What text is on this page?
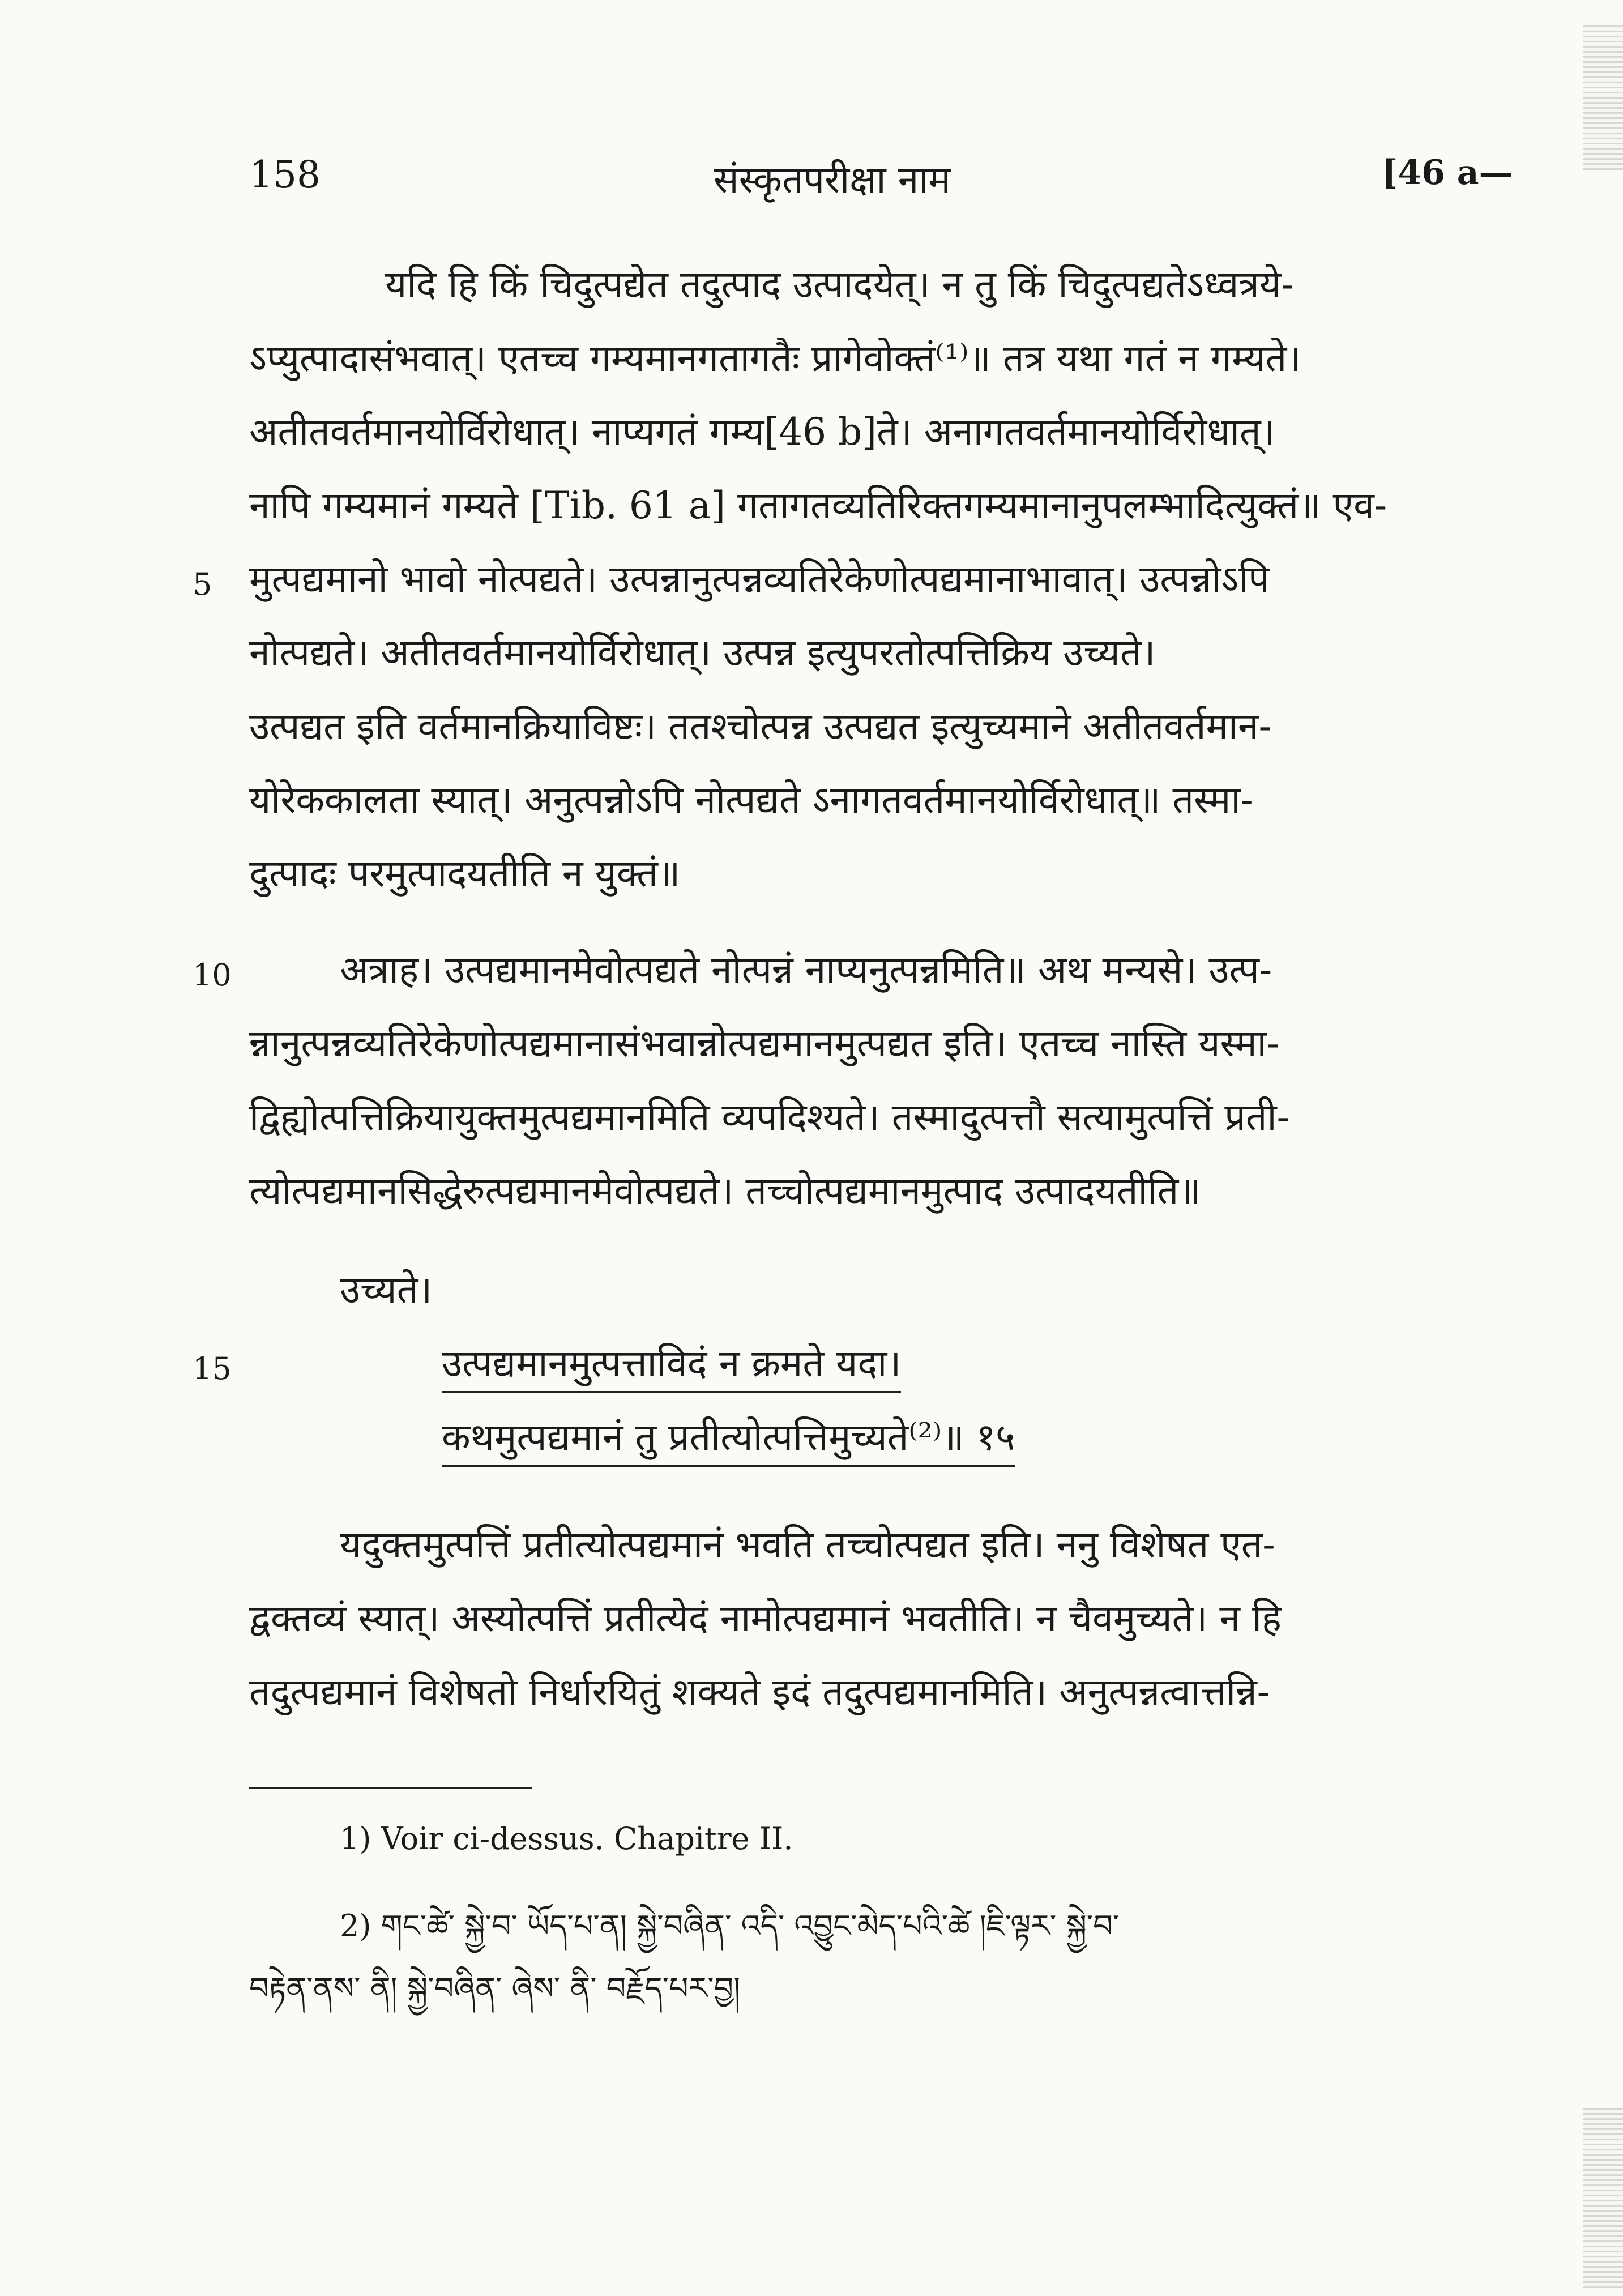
158	संस्कृतपरीक्षा नाम	[46 a—
यदि हि किं चिदुत्पद्येत तदुत्पाद उत्पादयेत्। न तु किं चिदुत्पद्यतेऽध्वत्रये-
ऽप्युत्पादासंभवात्। एतच्च गम्यमानगतागतैः प्रागेवोक्तं⁽¹⁾॥ तत्र यथा गतं न गम्यते।
अतीतवर्तमानयोर्विरोधात्। नाप्यगतं गम्य[46 b]ते। अनागतवर्तमानयोर्विरोधात्।
नापि गम्यमानं गम्यते [Tib. 61 a] गतागतव्यतिरिक्तगम्यमानानुपलम्भादित्युक्तं॥ एव-
मुत्पद्यमानो भावो नोत्पद्यते। उत्पन्नानुत्पन्नव्यतिरेकेणोत्पद्यमानाभावात्। उत्पन्नोऽपि
नोत्पद्यते। अतीतवर्तमानयोर्विरोधात्। उत्पन्न इत्युपरतोत्पत्तिक्रिय उच्यते।
उत्पद्यत इति वर्तमानक्रियाविष्टः। ततश्चोत्पन्न उत्पद्यत इत्युच्यमाने अतीतवर्तमान-
योरेककालता स्यात्। अनुत्पन्नोऽपि नोत्पद्यते ऽनागतवर्तमानयोर्विरोधात्॥ तस्मा-
दुत्पादः परमुत्पादयतीति न युक्तं॥
अत्राह। उत्पद्यमानमेवोत्पद्यते नोत्पन्नं नाप्यनुत्पन्नमिति॥ अथ मन्यसे। उत्प-
न्नानुत्पन्नव्यतिरेकेणोत्पद्यमानासंभवान्नोत्पद्यमानमुत्पद्यत इति। एतच्च नास्ति यस्मा-
द्विह्योत्पत्तिक्रियायुक्तमुत्पद्यमानमिति व्यपदिश्यते। तस्मादुत्पत्तौ सत्यामुत्पत्तिं प्रती-
त्योत्पद्यमानसिद्धेरुत्पद्यमानमेवोत्पद्यते। तच्चोत्पद्यमानमुत्पाद उत्पादयतीति॥
उच्यते।
उत्पद्यमानमुत्पत्ताविदं न क्रमते यदा।
कथमुत्पद्यमानं तु प्रतीत्योत्पत्तिमुच्यते⁽²⁾॥ १५
यदुक्तमुत्पत्तिं प्रतीत्योत्पद्यमानं भवति तच्चोत्पद्यत इति। ननु विशेषत एत-
द्वक्तव्यं स्यात्। अस्योत्पत्तिं प्रतीत्येदं नामोत्पद्यमानं भवतीति। न चैवमुच्यते। न हि
तदुत्पद्यमानं विशेषतो निर्धारयितुं शक्यते इदं तदुत्पद्यमानमिति। अनुत्पन्नत्वात्तन्नि-
5
10
15
1) Voir ci-dessus. Chapitre II.
2) གང་ཚེ་ སྐྱེ་བ་ ཡོད་པ་ན། སྐྱེ་བཞིན་ འདི་ འབྱུང་མེད་པའི་ཚེ །ཇི་ལྟར་ སྐྱེ་བ་
བརྟེན་ནས་ ནི། སྐྱེ་བཞིན་ ཞེས་ ནི་ བརྗོད་པར་བྱ།
